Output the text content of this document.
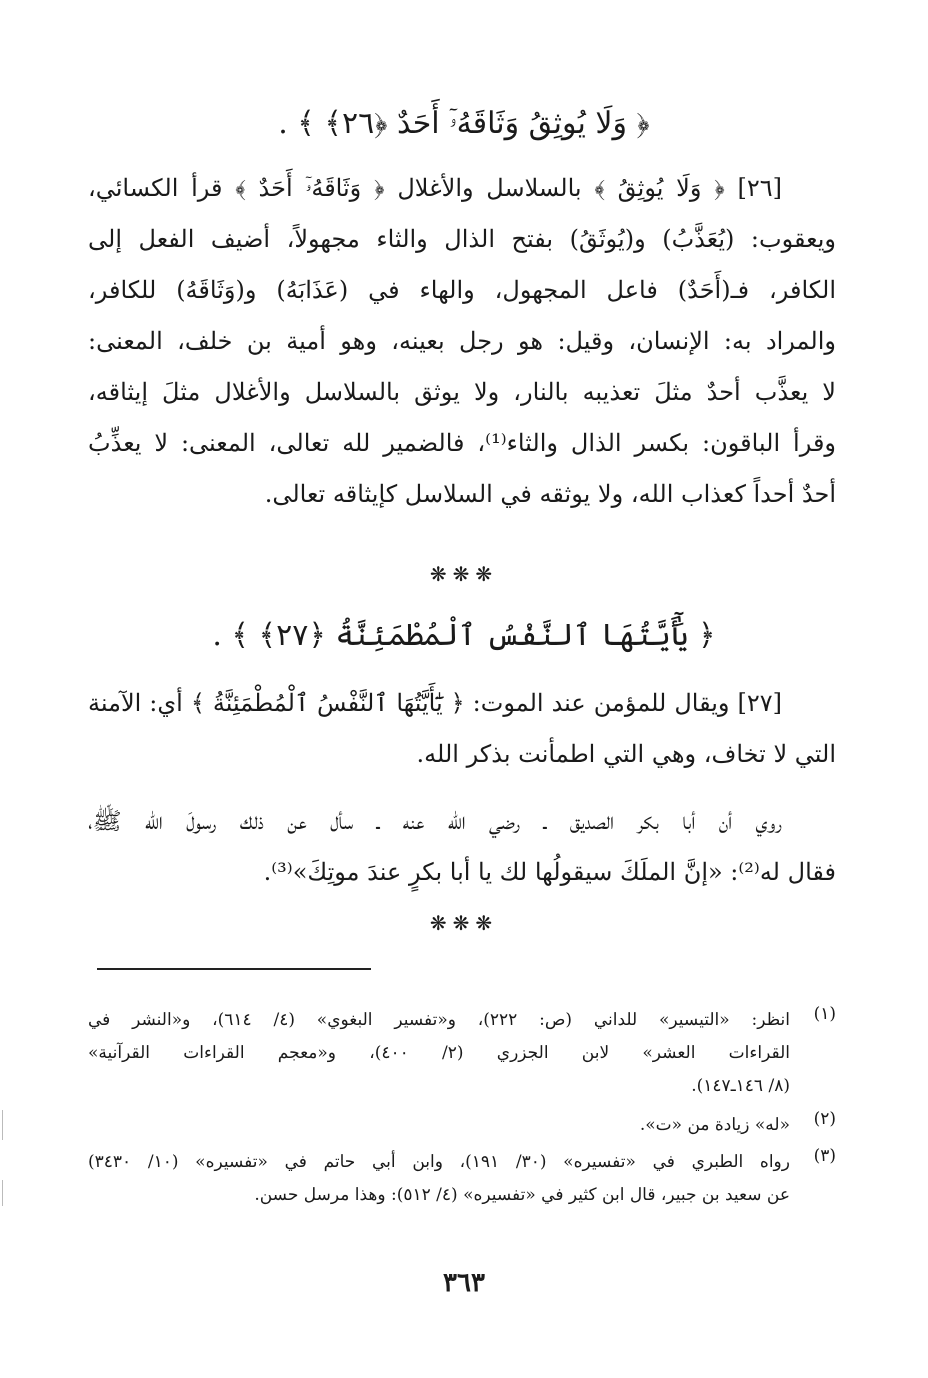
﴿ وَلَا يُوثِقُ وَثَاقَهُۥٓ أَحَدٌ ﴿٢٦﴾ ﴾ .
[٢٦] ﴿ وَلَا يُوثِقُ ﴾ بالسلاسل والأغلال ﴿ وَثَاقَهُۥٓ أَحَدٌ ﴾ قرأ الكسائي،
ويعقوب: (يُعَذَّبُ) و(يُوثَقُ) بفتح الذال والثاء مجهولاً، أضيف الفعل إلى
الكافر، فـ(أَحَدٌ) فاعل المجهول، والهاء في (عَذَابَهُ) و(وَثَاقَهُ) للكافر،
والمراد به: الإنسان، وقيل: هو رجل بعينه، وهو أمية بن خلف، المعنى:
لا يعذَّب أحدٌ مثلَ تعذيبه بالنار، ولا يوثق بالسلاسل والأغلال مثلَ إيثاقه،
وقرأ الباقون: بكسر الذال والثاء⁽¹⁾، فالضمير لله تعالى، المعنى: لا يعذِّبُ
أحدٌ أحداً كعذاب الله، ولا يوثقه في السلاسل كإيثاقه تعالى.
❋❋❋
﴿ يَٰٓأَيَّتُهَا ٱلنَّفْسُ ٱلْمُطْمَئِنَّةُ ﴿٢٧﴾ ﴾ .
[٢٧] ويقال للمؤمن عند الموت: ﴿ يَٰٓأَيَّتُهَا ٱلنَّفْسُ ٱلْمُطْمَئِنَّةُ ﴾ أي: الآمنة
التي لا تخاف، وهي التي اطمأنت بذكر الله.
روي أن أبا بكر الصديق ـ رضي الله عنه ـ سأل عن ذلك رسولَ الله ﷺ،
فقال له⁽²⁾: «إنَّ الملَكَ سيقولُها لك يا أبا بكرٍ عندَ موتِكَ»⁽³⁾.
❋❋❋
(١)
انظر: «التيسير» للداني (ص: ٢٢٢)، و«تفسير البغوي» (٤/ ٦١٤)، و«النشر في
القراءات العشر» لابن الجزري (٢/ ٤٠٠)، و«معجم القراءات القرآنية»
(٨/ ١٤٦ـ١٤٧).
(٢)
«له» زيادة من «ت».
(٣)
رواه الطبري في «تفسيره» (٣٠/ ١٩١)، وابن أبي حاتم في «تفسيره» (١٠/ ٣٤٣٠)
عن سعيد بن جبير، قال ابن كثير في «تفسيره» (٤/ ٥١٢): وهذا مرسل حسن.
٣٦٣
